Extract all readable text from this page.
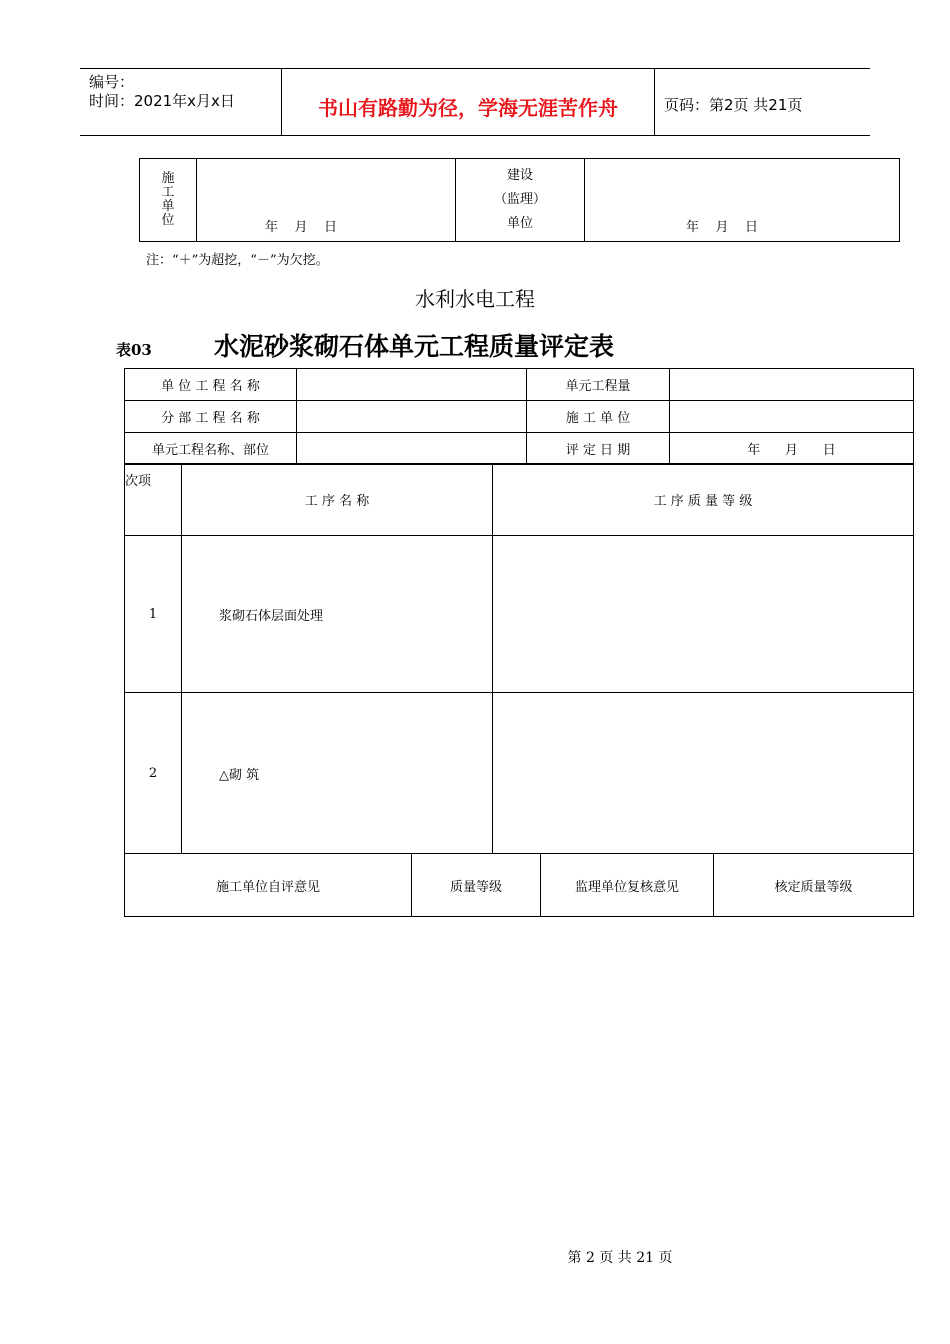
编号：
时间：2021年x月x日	书山有路勤为径，学海无涯苦作舟	页码：第2页 共21页
施
工
单
位	年    月    日

建设
（监理）
单位	年    月    日
注：“＋”为超挖，“－”为欠挖。
水利水电工程
表03 水泥砂浆砌石体单元工程质量评定表
单 位 工 程 名 称		单元工程量	
分 部 工 程 名 称		施 工 单 位	
单元工程名称、部位		评 定 日 期	年      月      日
次项	工 序 名 称	工 序 质 量 等 级
1	浆砌石体层面处理	
2	△砌 筑	
施工单位自评意见	质量等级	监理单位复核意见	核定质量等级
第 2 页 共 21 页
